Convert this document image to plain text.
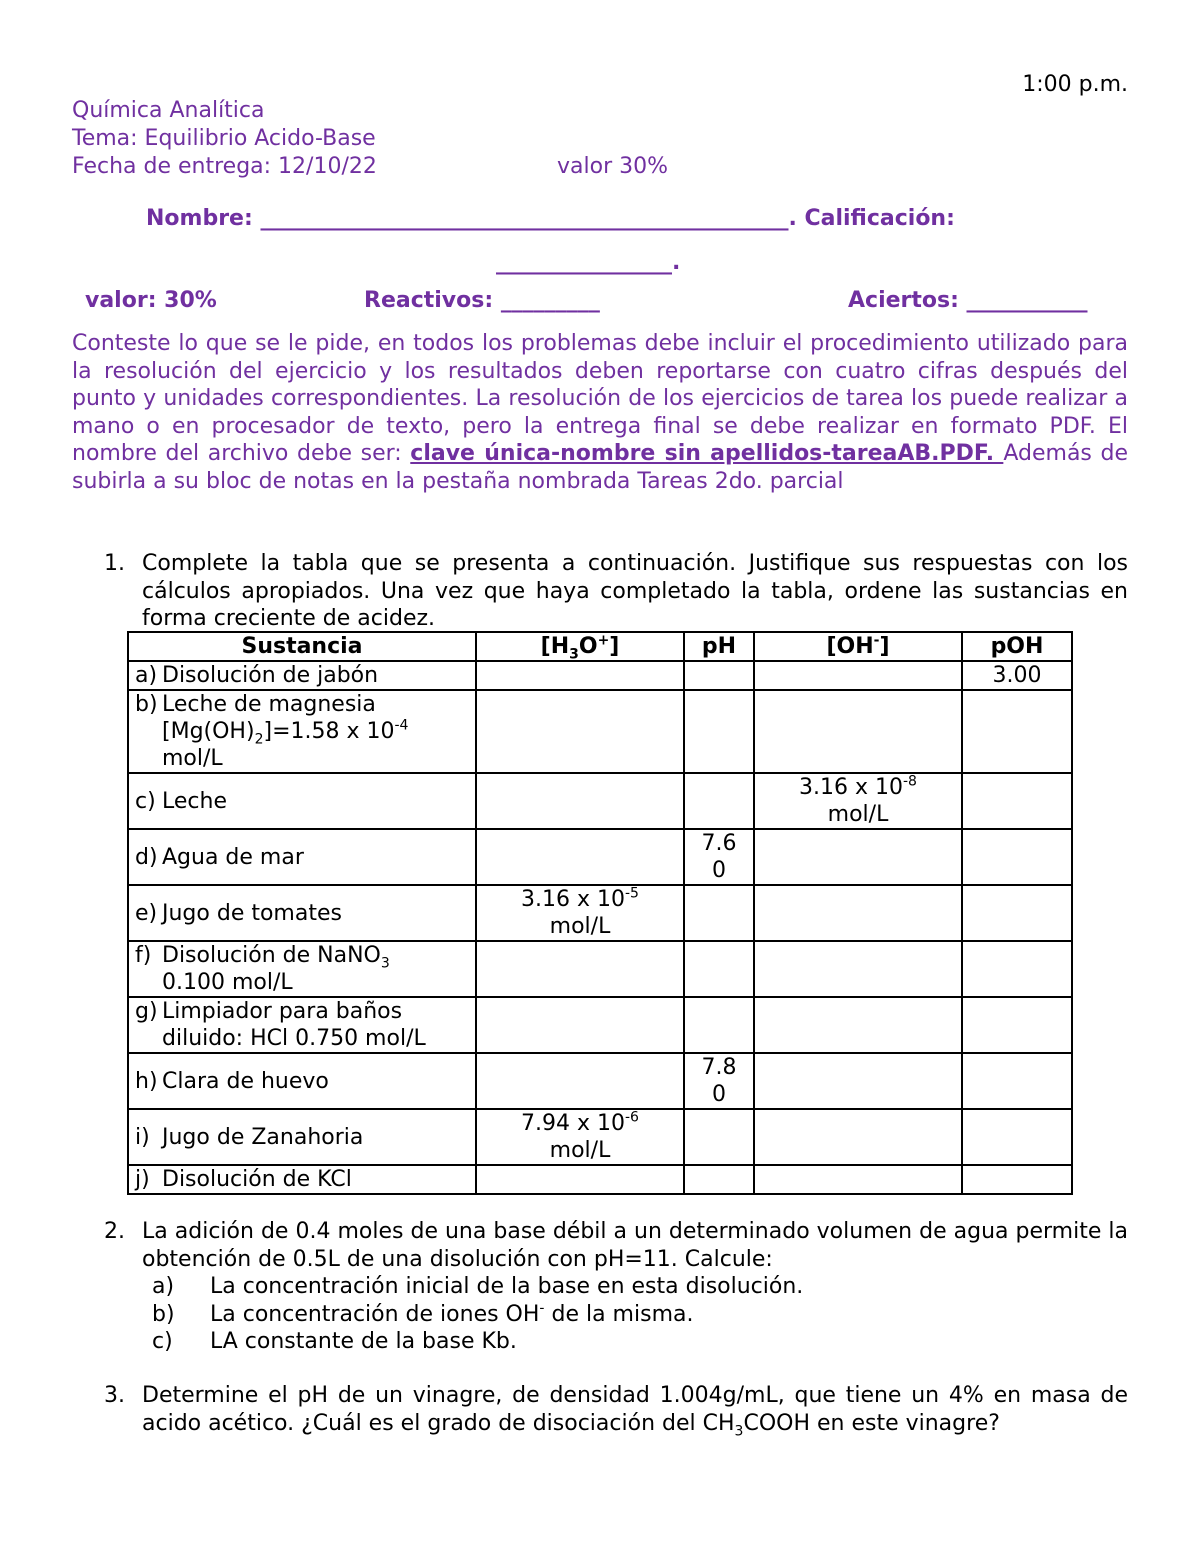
1:00 p.m.
Química Analítica
Tema: Equilibrio Acido-Base
Fecha de entrega: 12/10/22	valor 30%
Nombre: ________________________________________________. Calificación:
________________.
valor: 30%	Reactivos: _________	Aciertos: ___________
Conteste lo que se le pide, en todos los problemas debe incluir el procedimiento utilizado para la resolución del ejercicio y los resultados deben reportarse con cuatro cifras después del punto y unidades correspondientes. La resolución de los ejercicios de tarea los puede realizar a mano o en procesador de texto, pero la entrega final se debe realizar en formato PDF. El nombre del archivo debe ser: clave única-nombre sin apellidos-tareaAB.PDF. Además de subirla a su bloc de notas en la pestaña nombrada Tareas 2do. parcial
1. Complete la tabla que se presenta a continuación. Justifique sus respuestas con los cálculos apropiados. Una vez que haya completado la tabla, ordene las sustancias en forma creciente de acidez.
Sustancia	$[H_3O^+]$	pH	[OH-]	pOH

a) Disolución de jabón				3.00

b) Leche de magnesia
$[Mg(OH)_2]=1.58$ x $10^{-4}$
mol/L				

c) Leche			3.16 x $10^{-8}$
mol/L	

d) Agua de mar		7.6
0		

e) Jugo de tomates	3.16 x $10^{-5}$
mol/L			

f) Disolución de NaNO$_3$
0.100 mol/L				

g) Limpiador para baños
diluido: HCl 0.750 mol/L				

h) Clara de huevo		7.8
0		

i) Jugo de Zanahoria	7.94 x $10^{-6}$
mol/L			

j) Disolución de KCl				

2. La adición de 0.4 moles de una base débil a un determinado volumen de agua permite la obtención de 0.5L de una disolución con pH=11. Calcule:
a)	La concentración inicial de la base en esta disolución.
b)	La concentración de iones OH- de la misma.
c)	LA constante de la base Kb.
3. Determine el pH de un vinagre, de densidad 1.004g/mL, que tiene un 4% en masa de acido acético. ¿Cuál es el grado de disociación del $CH_3COOH$ en este vinagre?
